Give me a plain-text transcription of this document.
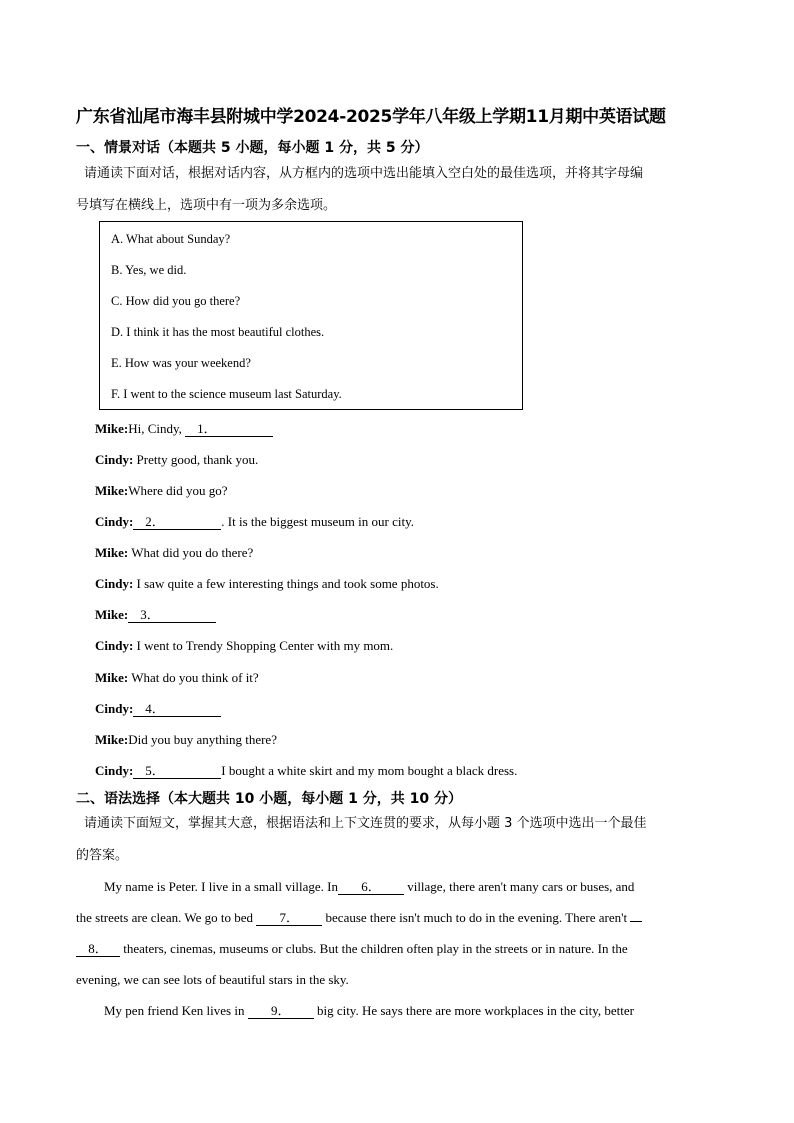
广东省汕尾市海丰县附城中学2024-2025学年八年级上学期11月期中英语试题
一、情景对话（本题共 5 小题，每小题 1 分，共 5 分）
请通读下面对话，根据对话内容，从方框内的选项中选出能填入空白处的最佳选项，并将其字母编
号填写在横线上，选项中有一项为多余选项。
A. What about Sunday?
B. Yes, we did.
C. How did you go there?
D. I think it has the most beautiful clothes.
E. How was your weekend?
F. I went to the science museum last Saturday.
Mike:Hi, Cindy, 1．
Cindy: Pretty good, thank you.
Mike:Where did you go?
Cindy: 2．	. It is the biggest museum in our city.
Mike: What did you do there?
Cindy: I saw quite a few interesting things and took some photos.
Mike: 3．
Cindy: I went to Trendy Shopping Center with my mom.
Mike: What do you think of it?
Cindy: 4．
Mike:Did you buy anything there?
Cindy: 5．	I bought a white skirt and my mom bought a black dress.
二、语法选择（本大题共 10 小题，每小题 1 分，共 10 分）
请通读下面短文，掌握其大意，根据语法和上下文连贯的要求，从每小题 3 个选项中选出一个最佳
的答案。
My name is Peter. I live in a small village. In 6． village, there aren't many cars or buses, and
the streets are clean. We go to bed 7． because there isn't much to do in the evening. There aren't
8． theaters, cinemas, museums or clubs. But the children often play in the streets or in nature. In the
evening, we can see lots of beautiful stars in the sky.
My pen friend Ken lives in 9． big city. He says there are more workplaces in the city, better
